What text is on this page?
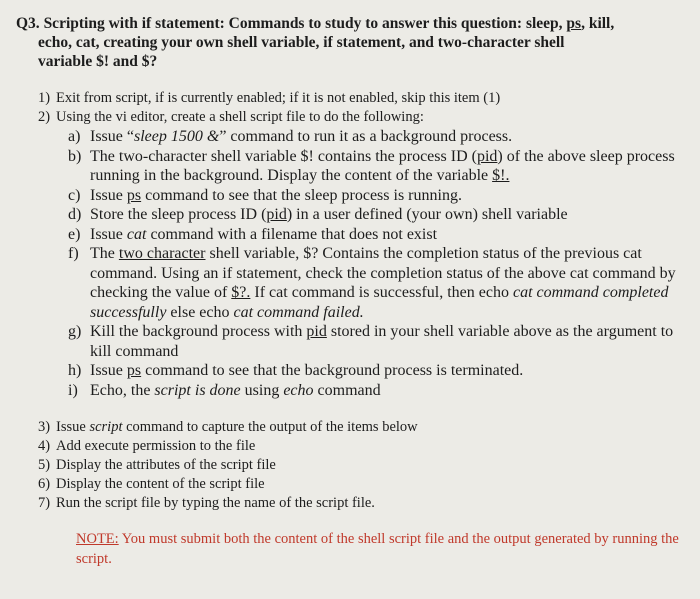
Q3. Scripting with if statement: Commands to study to answer this question: sleep, ps, kill,
echo, cat, creating your own shell variable, if statement, and two-character shell
variable $! and $?
1) Exit from script, if is currently enabled; if it is not enabled, skip this item (1)
2) Using the vi editor, create a shell script file to do the following:
a) Issue “sleep 1500 &” command to run it as a background process.
b) The two-character shell variable $! contains the process ID (pid) of the above sleep process running in the background. Display the content of the variable $!.
c) Issue ps command to see that the sleep process is running.
d) Store the sleep process ID (pid) in a user defined (your own) shell variable
e) Issue cat command with a filename that does not exist
f) The two character shell variable, $? Contains the completion status of the previous cat command. Using an if statement, check the completion status of the above cat command by checking the value of $?. If cat command is successful, then echo cat command completed successfully else echo cat command failed.
g) Kill the background process with pid stored in your shell variable above as the argument to kill command
h) Issue ps command to see that the background process is terminated.
i) Echo, the script is done using echo command
3) Issue script command to capture the output of the items below
4) Add execute permission to the file
5) Display the attributes of the script file
6) Display the content of the script file
7) Run the script file by typing the name of the script file.
NOTE: You must submit both the content of the shell script file and the output generated by running the script.
